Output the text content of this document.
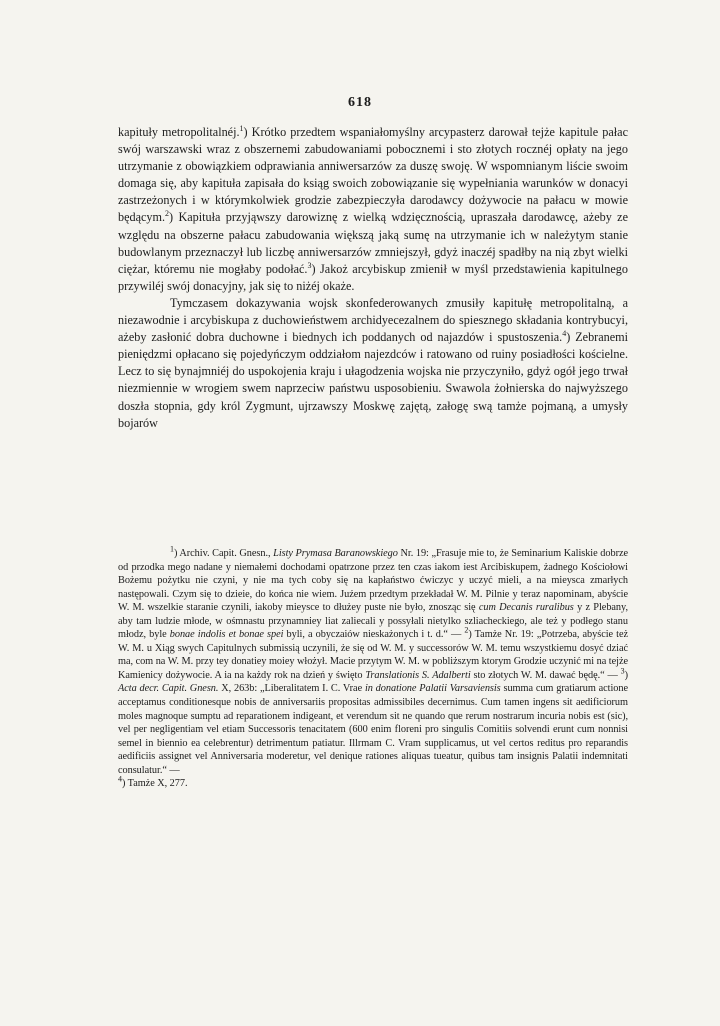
618

kapituły metropolitalnéj.$^1$) Krótko przedtem wspaniałomyślny arcypasterz darował tejże kapitule pałac swój warszawski wraz z obszernemi zabudowaniami pobocznemi i sto złotych rocznéj opłaty na jego utrzymanie z obowiązkiem odprawiania anniwersarzów za duszę swoję. W wspomnianym liście swoim domaga się, aby kapituła zapisała do ksiąg swoich zobowiązanie się wypełniania warunków w donacyi zastrzeżonych i w którymkolwiek grodzie zabezpieczyła darodawcy dożywocie na pałacu w mowie będącym.$^2$) Kapituła przyjąwszy darowiznę z wielką wdzięcznością, upraszała darodawcę, ażeby ze względu na obszerne pałacu zabudowania większą jaką sumę na utrzymanie ich w należytym stanie budowlanym przeznaczył lub liczbę anniwersarzów zmniejszył, gdyż inaczéj spadłby na nią zbyt wielki ciężar, któremu nie mogłaby podołać.$^3$) Jakoż arcybiskup zmienił w myśl przedstawienia kapitulnego przywiléj swój donacyjny, jak się to niżéj okaże.

Tymczasem dokazywania wojsk skonfederowanych zmusiły kapitułę metropolitalną, a niezawodnie i arcybiskupa z duchowieństwem archidyecezalnem do spiesznego składania kontrybucyi, ażeby zasłonić dobra duchowne i biednych ich poddanych od najazdów i spustoszenia.$^4$) Zebranemi pieniędzmi opłacano się pojedyńczym oddziałom najezdców i ratowano od ruiny posiadłości kościelne. Lecz to się bynajmniéj do uspokojenia kraju i ułagodzenia wojska nie przyczyniło, gdyż ogół jego trwał niezmiennie w wrogiem swem naprzeciw państwu usposobieniu. Swawola żołnierska do najwyższego doszła stopnia, gdy król Zygmunt, ujrzawszy Moskwę zajętą, załogę swą tamże pojmaną, a umysły bojarów

$^1$) Archiv. Capit. Gnesn., Listy Prymasa Baranowskiego Nr. 19: „Frasuje mie to, że Seminarium Kaliskie dobrze od przodka mego nadane y niemałemi dochodami opatrzone przez ten czas iakom iest Arcibiskupem, żadnego Kościołowi Bożemu pożytku nie czyni, y nie ma tych coby się na kapłaństwo ćwiczyc y uczyć mieli, a na mieysca zmarłych następowali. Czym się to dzieie, do końca nie wiem. Juźem przedtym przekładał W. M. Pilnie y teraz napominam, abyście W. M. wszelkie staranie czynili, iakoby mieysce to dłużey puste nie było, znosząc się cum Decanis ruralibus y z Plebany, aby tam ludzie młode, w ośmnastu przynamniey liat zaliecali y possyłali nietylko szliacheckiego, ale też y podłego stanu młodz, byle bonae indolis et bonae spei byli, a obyczaiów nieskażonych i t. d.“ — $^2$) Tamże Nr. 19: „Potrzeba, abyście też W. M. u Xiąg swych Capitulnych submissią uczynili, że się od W. M. y successorów W. M. temu wszystkiemu dosyć dziać ma, com na W. M. przy tey donatiey moiey włożył. Macie przytym W. M. w pobliższym ktorym Grodzie uczynić mi na tejże Kamienicy dożywocie. A ia na każdy rok na dzień y święto Translationis S. Adalberti sto złotych W. M. dawać będę.“ — $^3$) Acta decr. Capit. Gnesn. X, 263b: „Liberalitatem I. C. Vrae in donatione Palatii Varsaviensis summa cum gratiarum actione acceptamus conditionesque nobis de anniversariis propositas admissibiles decernimus. Cum tamen ingens sit aedificiorum moles magnoque sumptu ad reparationem indigeant, et verendum sit ne quando que rerum nostrarum incuria nobis est (sic), vel per negligentiam vel etiam Successoris tenacitatem (600 enim floreni pro singulis Comitiis solvendi erunt cum nonnisi semel in biennio ea celebrentur) detrimentum patiatur. Illrmam C. Vram supplicamus, ut vel certos reditus pro reparandis aedificiis assignet vel Anniversaria moderetur, vel denique rationes aliquas tueatur, quibus tam insignis Palatii indemnitati consulatur.“ —

$^4$) Tamże X, 277.
